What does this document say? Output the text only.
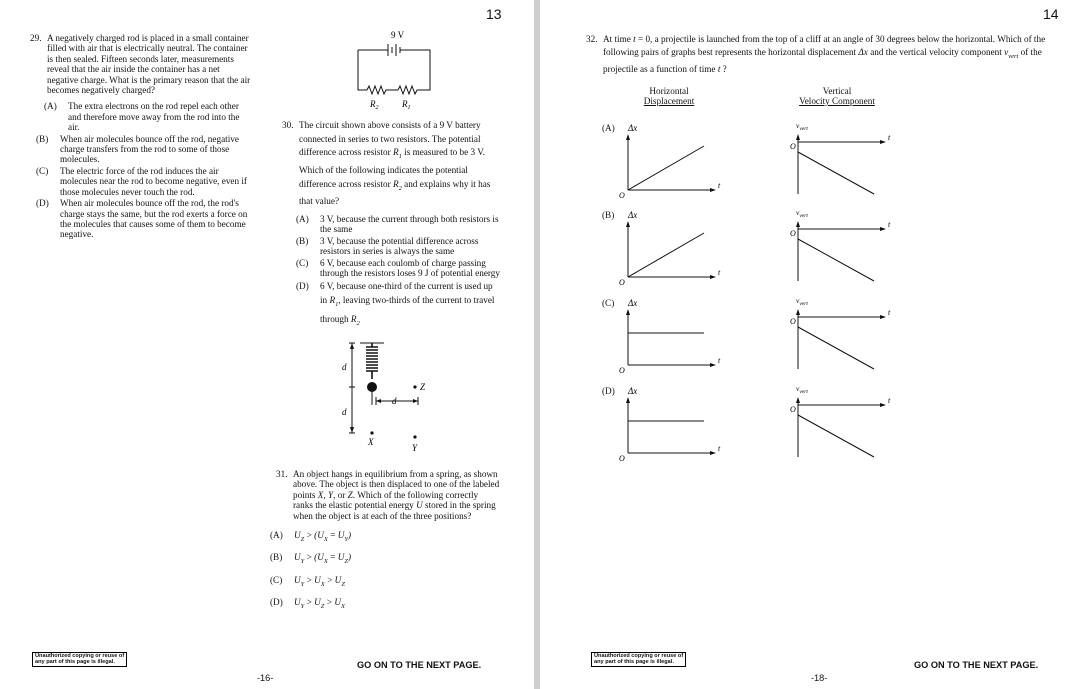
13
29. A negatively charged rod is placed in a small container filled with air that is electrically neutral. The container is then sealed. Fifteen seconds later, measurements reveal that the air inside the container has a net negative charge. What is the primary reason that the air becomes negatively charged?
(A) The extra electrons on the rod repel each other and therefore move away from the rod into the air.
(B) When air molecules bounce off the rod, negative charge transfers from the rod to some of those molecules.
(C) The electric force of the rod induces the air molecules near the rod to become negative, even if those molecules never touch the rod.
(D) When air molecules bounce off the rod, the rod's charge stays the same, but the rod exerts a force on the molecules that causes some of them to become negative.
9 V
$R_2$	$R_1$
30. The circuit shown above consists of a 9 V battery connected in series to two resistors. The potential difference across resistor $R_1$ is measured to be 3 V. Which of the following indicates the potential difference across resistor $R_2$ and explains why it has that value?
(A) 3 V, because the current through both resistors is the same
(B) 3 V, because the potential difference across resistors in series is always the same
(C) 6 V, because each coulomb of charge passing through the resistors loses 9 J of potential energy
(D) 6 V, because one-third of the current is used up in $R_1$, leaving two-thirds of the current to travel through $R_2$
d
d
d
X
Z
Y
31. An object hangs in equilibrium from a spring, as shown above. The object is then displaced to one of the labeled points X, Y, or Z. Which of the following correctly ranks the elastic potential energy U stored in the spring when the object is at each of the three positions?
(A) $U_Z > (U_X = U_Y)$
(B) $U_Y > (U_X = U_Z)$
(C) $U_Y > U_X > U_Z$
(D) $U_Y > U_Z > U_X$
Unauthorized copying or reuse of
any part of this page is illegal.	GO ON TO THE NEXT PAGE.
-16-
14
32. At time t = 0, a projectile is launched from the top of a cliff at an angle of 30 degrees below the horizontal. Which of the following pairs of graphs best represents the horizontal displacement Δx and the vertical velocity component $v_{vert}$ of the projectile as a function of time t ?
Horizontal
Displacement
Vertical
Velocity Component
(A) Δx
O
t
$v_{vert}$
O
t
(B) Δx
O
t
$v_{vert}$
O
t
(C) Δx
O
t
$v_{vert}$
O
t
(D) Δx
O
t
$v_{vert}$
O
t
Unauthorized copying or reuse of
any part of this page is illegal.	GO ON TO THE NEXT PAGE.
-18-
